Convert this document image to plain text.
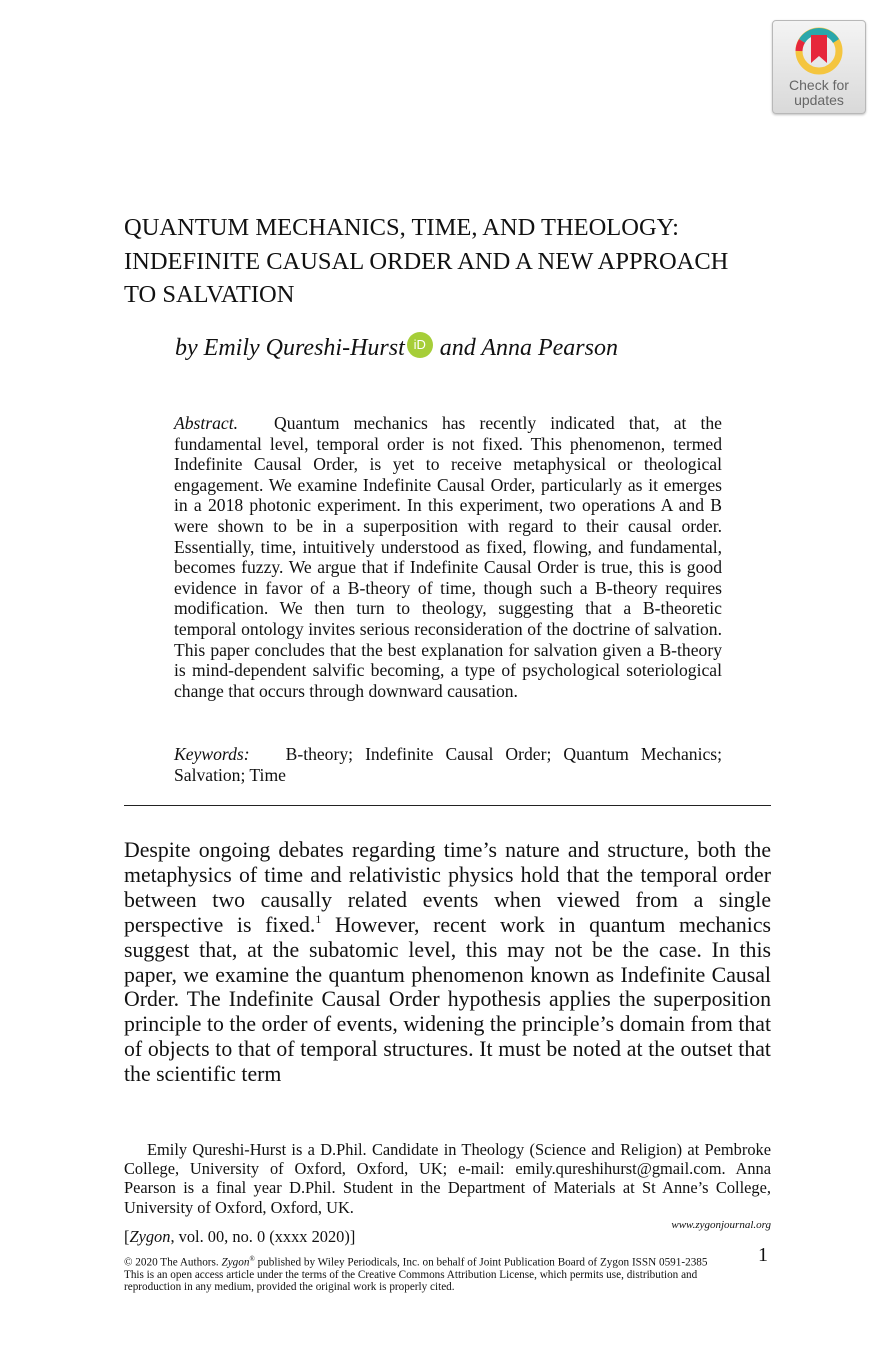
Check for
updates
QUANTUM MECHANICS, TIME, AND THEOLOGY:
INDEFINITE CAUSAL ORDER AND A NEW APPROACH
TO SALVATION
by Emily Qureshi-Hurst iD and Anna Pearson

Abstract. Quantum mechanics has recently indicated that, at the fundamental level, temporal order is not fixed. This phenomenon, termed Indefinite Causal Order, is yet to receive metaphysical or theological engagement. We examine Indefinite Causal Order, particularly as it emerges in a 2018 photonic experiment. In this experiment, two operations A and B were shown to be in a superposition with regard to their causal order. Essentially, time, intuitively understood as fixed, flowing, and fundamental, becomes fuzzy. We argue that if Indefinite Causal Order is true, this is good evidence in favor of a B-theory of time, though such a B-theory requires modification. We then turn to theology, suggesting that a B-theoretic temporal ontology invites serious reconsideration of the doctrine of salvation. This paper concludes that the best explanation for salvation given a B-theory is mind-dependent salvific becoming, a type of psychological soteriological change that occurs through downward causation.

Keywords: B-theory; Indefinite Causal Order; Quantum Mechanics; Salvation; Time

Despite ongoing debates regarding time’s nature and structure, both the metaphysics of time and relativistic physics hold that the temporal order between two causally related events when viewed from a single perspective is fixed.$^1$ However, recent work in quantum mechanics suggest that, at the subatomic level, this may not be the case. In this paper, we examine the quantum phenomenon known as Indefinite Causal Order. The Indefinite Causal Order hypothesis applies the superposition principle to the order of events, widening the principle’s domain from that of objects to that of temporal structures. It must be noted at the outset that the scientific term

Emily Qureshi-Hurst is a D.Phil. Candidate in Theology (Science and Religion) at Pembroke College, University of Oxford, Oxford, UK; e-mail: emily.qureshihurst@gmail.com. Anna Pearson is a final year D.Phil. Student in the Department of Materials at St Anne’s College, University of Oxford, Oxford, UK.

www.zygonjournal.org
[Zygon, vol. 00, no. 0 (xxxx 2020)]
1

© 2020 The Authors. Zygon® published by Wiley Periodicals, Inc. on behalf of Joint Publication Board of Zygon ISSN 0591-2385
This is an open access article under the terms of the Creative Commons Attribution License, which permits use, distribution and
reproduction in any medium, provided the original work is properly cited.
